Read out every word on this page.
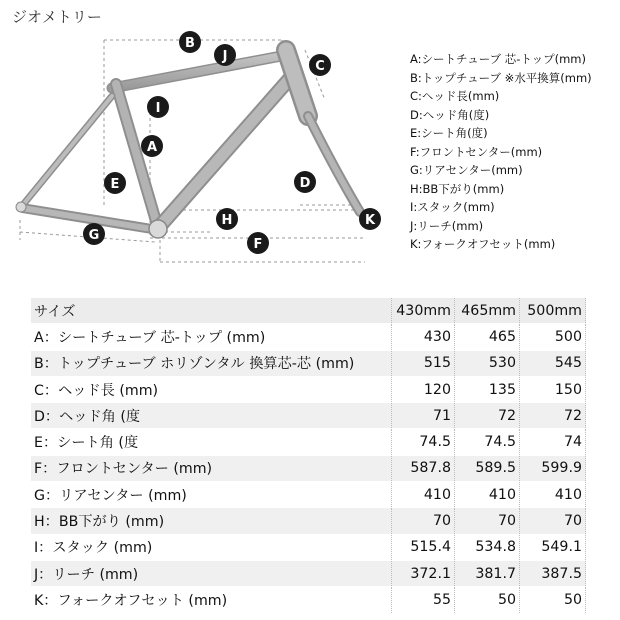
ジオメトリー
B
J
C
I
A
E	D
H	K
G
F
A:シートチューブ 芯-トップ(mm)
B:トップチューブ ※水平換算(mm)
C:ヘッド長(mm)
D:ヘッド角(度)
E:シート角(度)
F:フロントセンター(mm)
G:リアセンター(mm)
H:BB下がり(mm)
I:スタック(mm)
J:リーチ(mm)
K:フォークオフセット(mm)
サイズ	430mm	465mm	500mm
A：シートチューブ 芯-トップ (mm)	430	465	500
B：トップチューブ ホリゾンタル 換算芯-芯 (mm)	515	530	545
C：ヘッド長 (mm)	120	135	150
D：ヘッド角 (度	71	72	72
E：シート角 (度	74.5	74.5	74
F：フロントセンター (mm)	587.8	589.5	599.9
G：リアセンター (mm)	410	410	410
H：BB下がり (mm)	70	70	70
I：スタック (mm)	515.4	534.8	549.1
J：リーチ (mm)	372.1	381.7	387.5
K：フォークオフセット (mm)	55	50	50
